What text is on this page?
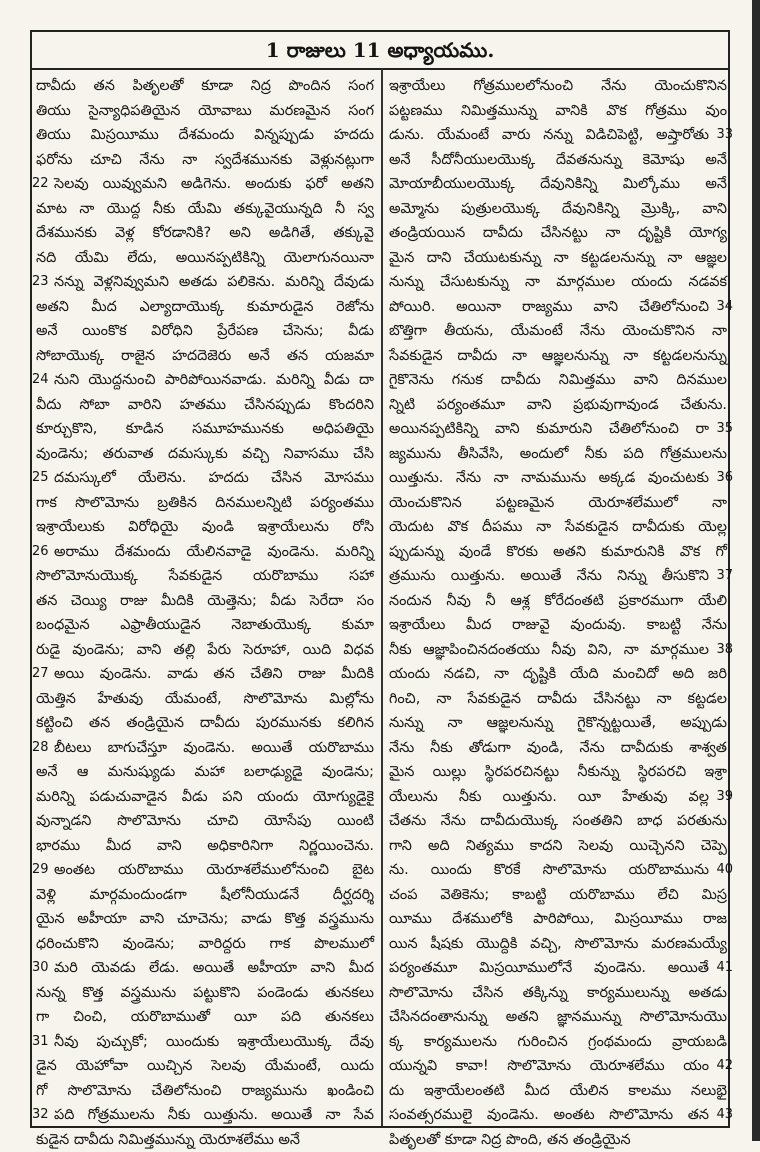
1 రాజులు 11 అధ్యాయము.
దావీదు తన పితృలతో కూడా నిద్ర పొందిన సంగ
తియు సైన్యాధిపతియైన యోవాబు మరణమైన సంగ
తియు మిస్రయీము దేశమందు విన్నప్పుడు హదదు
ఫరోను చూచి నేను నా స్వదేశమునకు వెళ్లునట్లుగా
22 సెలవు యివ్వుమని అడిగెను. అందుకు ఫరో అతని
మాట నా యొద్ద నీకు యేమి తక్కువైయున్నది నీ స్వ
దేశమునకు వెళ్ల కోరడానికి? అని అడిగితే, తక్కువై
నది యేమి లేదు, అయినప్పటికిన్ని యెలాగునయినా
23 నన్ను వెళ్లనివ్వుమని అతడు పలికెను. మరిన్ని దేవుడు
అతని మీద ఎల్యాదాయొక్క కుమారుడైన రెజోను
అనే యింకొక విరోధిని ప్రేరేపణ చేసెను; వీడు
సోబాయొక్క రాజైన హదదెజెరు అనే తన యజమా
24 నుని యొద్దనుంచి పారిపోయినవాడు. మరిన్ని వీడు దా
వీదు సోబా వారిని హతము చేసినప్పుడు కొందరిని
కూర్చుకొని, కూడిన సమూహమునకు అధిపతియై
వుండెను; తరువాత దమస్కుకు వచ్చి నివాసము చేసి
25 దమస్కులో యేలెను. హదదు చేసిన మోసము
గాక సొలొమోను బ్రతికిన దినములన్నిటి పర్యంతము
ఇశ్రాయేలుకు విరోధియై వుండి ఇశ్రాయేలును రోసి
26 అరాము దేశమందు యేలినవాడై వుండెను. మరిన్ని
సొలొమోనుయొక్క సేవకుడైన యరొబాము సహా
తన చెయ్యి రాజు మీదికి యెత్తెను; వీడు సెరేదా సం
బంధమైన ఎఫ్రాతీయుడైన నెబాతుయొక్క కుమా
రుడై వుండెను; వాని తల్లి పేరు సెరూహా, యిది విధవ
27 అయి వుండెను. వాడు తన చేతిని రాజు మీదికి
యెత్తిన హేతువు యేమంటే, సొలొమోను మిల్లోను
కట్టించి తన తండ్రియైన దావీదు పురమునకు కలిగిన
28 బీటలు బాగుచేస్తూ వుండెను. అయితే యరొబాము
అనే ఆ మనుష్యుడు మహా బలాఢ్యుడై వుండెను;
మరిన్ని పడుచువాడైన వీడు పని యందు యోగ్యుడైకై
వున్నాడని సొలొమోను చూచి యోసేపు యింటి
భారము మీద వాని అధికారినిగా నిర్ణయించెను.
29 అంతట యరొబాము యెరూశలేములోనుంచి బైట
వెళ్లి మార్గమందుండగా షీలోనీయుడనే దీర్ఘదర్శి
యైన అహీయా వాని చూచెను; వాడు కొత్త వస్త్రమును
ధరించుకొని వుండెను; వారిద్దరు గాక పొలములో
30 మరి యెవడు లేడు. అయితే అహీయా వాని మీద
నున్న కొత్త వస్త్రమును పట్టుకొని పండెండు తునకలు
గా చించి, యరొబాముతో యీ పది తునకలు
31 నీవు పుచ్చుకో; యిందుకు ఇశ్రాయేలుయొక్క దేవు
డైన యెహోవా యిచ్చిన సెలవు యేమంటే, యిదు
గో సొలొమోను చేతిలోనుంచి రాజ్యమును ఖండించి
32 పది గోత్రములను నీకు యిత్తును. అయితే నా సేవ
కుడైన దావీదు నిమిత్తమున్ను యెరూశలేము అనే
ఇశ్రాయేలు గోత్రములలోనుంచి నేను యెంచుకొనిన
పట్టణము నిమిత్తమున్ను వానికి వొక గోత్రము వుం
33
డును. యేమంటే వారు నన్ను విడిచిపెట్టి, అష్తారోతు
అనే సీదోనీయులయొక్క దేవతనున్ను కెమోషు అనే
మోయాబీయులయొక్క దేవునికిన్ని మిల్కోము అనే
అమ్మోను పుత్రులయొక్క దేవునికిన్ని మ్రొక్కి, వాని
తండ్రియయిన దావీదు చేసినట్టు నా దృష్టికి యోగ్య
మైన దాని చేయుటకున్ను నా కట్టడలనున్ను నా ఆజ్ఞల
నున్ను చేసుటకున్ను నా మార్గముల యందు నడవక
34
పోయిరి. అయినా రాజ్యము వాని చేతిలోనుంచి
బొత్తిగా తీయను, యేమంటే నేను యెంచుకొనిన నా
సేవకుడైన దావీదు నా ఆజ్ఞలనున్ను నా కట్టడలనున్ను
గైకొనెను గనుక దావీదు నిమిత్తము వాని దినముల
న్నిటి పర్యంతమూ వాని ప్రభువుగావుండ చేతును.
35
అయినప్పటికిన్ని వాని కుమారుని చేతిలోనుంచి రా
జ్యమును తీసివేసి, అందులో నీకు పది గోత్రములను
36
యిత్తును. నేను నా నామమును అక్కడ వుంచుటకు
యెంచుకొనిన పట్టణమైన యెరూశలేములో నా
యెదుట వొక దీపము నా సేవకుడైన దావీదుకు యెల్ల
ప్పుడున్ను వుండే కొరకు అతని కుమారునికి వొక గో
37
త్రమును యిత్తును. అయితే నేను నిన్ను తీసుకొని
నందున నీవు నీ ఆశ్ల కోరేదంతటి ప్రకారముగా యేలి
ఇశ్రాయేలు మీద రాజువై వుందువు. కాబట్టి నేను
38
నీకు ఆజ్ఞాపించినదంతయు నీవు విని, నా మార్గముల
యందు నడచి, నా దృష్టికి యేది మంచిదో అది జరి
గించి, నా సేవకుడైన దావీదు చేసినట్టు నా కట్టడల
నున్ను నా ఆజ్ఞలనున్ను గైకొన్నట్టయితే, అప్పుడు
నేను నీకు తోడుగా వుండి, నేను దావీదుకు శాశ్వత
మైన యిల్లు స్థిరపరచినట్టు నీకున్ను స్థిరపరచి ఇశ్రా
39
యేలును నీకు యిత్తును. యీ హేతువు వల్ల
చేతను నేను దావీదుయొక్క సంతతిని బాధ పరతును
గాని అది నిత్యము కాదని సెలవు యిచ్చెనని చెప్పె
40
ను. యిందు కొరకే సొలొమోను యరొబామును
చంప వెతికెను; కాబట్టి యరొబాము లేచి మిస్ర
యీము దేశములోకి పారిపోయి, మిస్రయీము రాజ
యిన షీషకు యొద్దికి వచ్చి, సొలొమోను మరణమయ్యే
41
పర్యంతమూ మిస్రయీములోనే వుండెను. అయితే
సొలొమోను చేసిన తక్కిన్ను కార్యములున్ను అతడు
చేసినదంతానున్ను అతని జ్ఞానమున్ను సొలొమోనుయొ
క్క కార్యములను గురించిన గ్రంథమందు వ్రాయబడి
42
యున్నవి కావా! సొలొమోను యెరూశలేము యం
దు ఇశ్రాయేలంతటి మీద యేలిన కాలము నలుభై
43
సంవత్సరములై వుండెను. అంతట సొలొమోను తన
పితృలతో కూడా నిద్ర పొంది, తన తండ్రియైన
